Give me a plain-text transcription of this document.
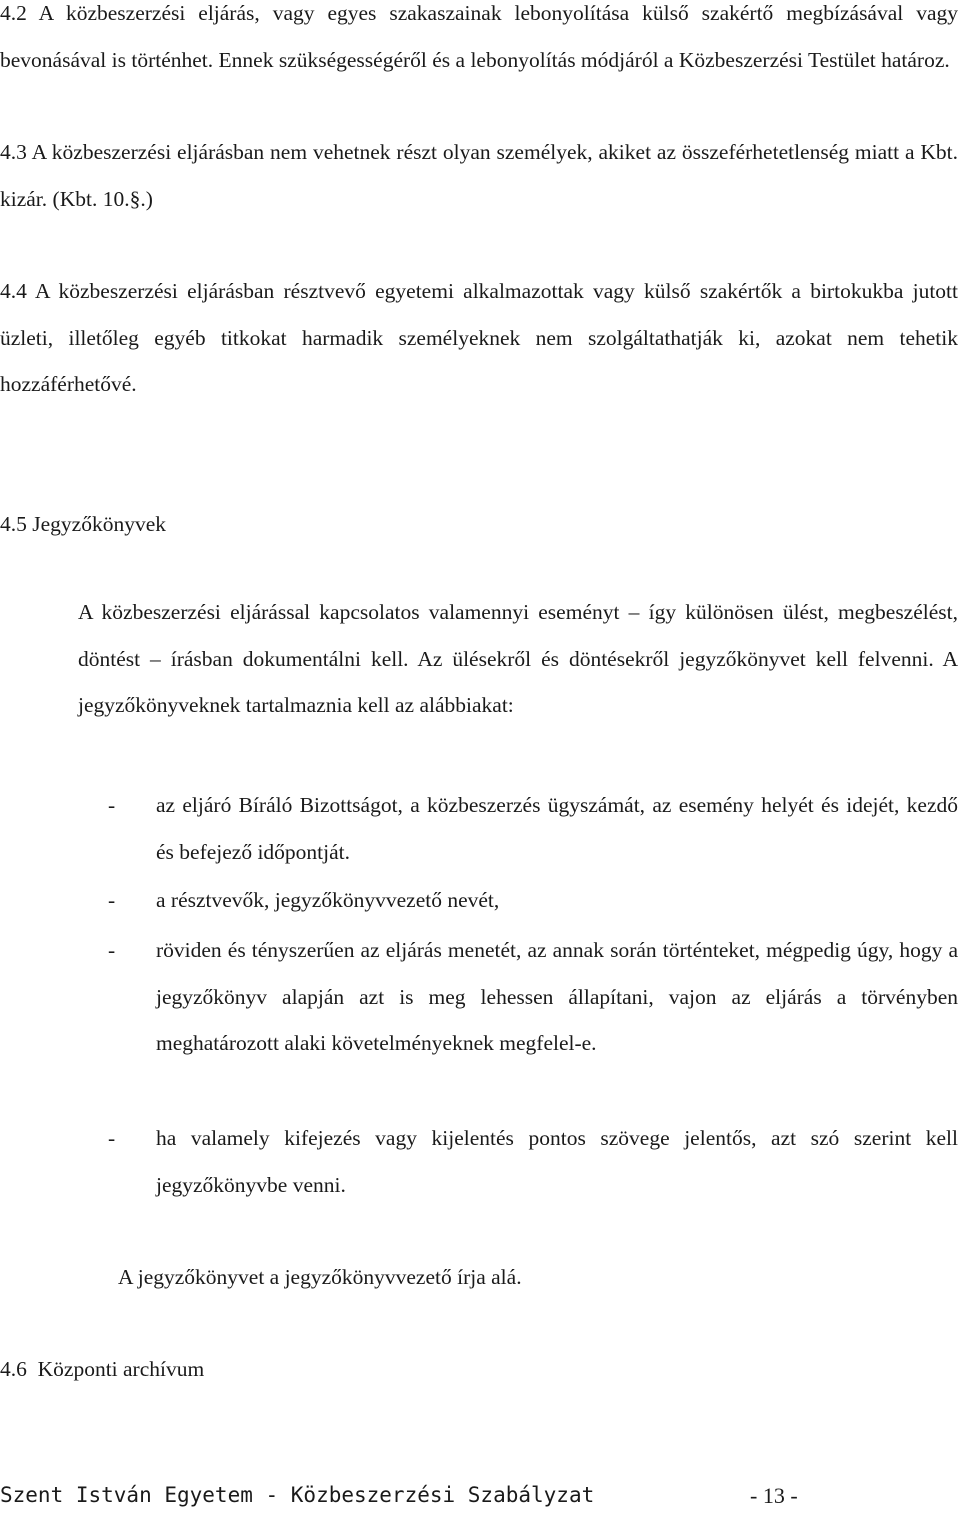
4.2 A közbeszerzési eljárás, vagy egyes szakaszainak lebonyolítása külső szakértő megbízásával vagy bevonásával is történhet. Ennek szükségességéről és a lebonyolítás módjáról a Közbeszerzési Testület határoz.

4.3 A közbeszerzési eljárásban nem vehetnek részt olyan személyek, akiket az összeférhetetlenség miatt a Kbt. kizár. (Kbt. 10.§.)

4.4 A közbeszerzési eljárásban résztvevő egyetemi alkalmazottak vagy külső szakértők a birtokukba jutott üzleti, illetőleg egyéb titkokat harmadik személyeknek nem szolgáltathatják ki, azokat nem tehetik hozzáférhetővé.

4.5 Jegyzőkönyvek

A közbeszerzési eljárással kapcsolatos valamennyi eseményt – így különösen ülést, megbeszélést, döntést – írásban dokumentálni kell. Az ülésekről és döntésekről jegyzőkönyvet kell felvenni. A jegyzőkönyveknek tartalmaznia kell az alábbiakat:

-	az eljáró Bíráló Bizottságot, a közbeszerzés ügyszámát, az esemény helyét és idejét, kezdő és befejező időpontját.

-	a résztvevők, jegyzőkönyvvezető nevét,

-	röviden és tényszerűen az eljárás menetét, az annak során történteket, mégpedig úgy, hogy a jegyzőkönyv alapján azt is meg lehessen állapítani, vajon az eljárás a törvényben meghatározott alaki követelményeknek megfelel-e.

-	ha valamely kifejezés vagy kijelentés pontos szövege jelentős, azt szó szerint kell jegyzőkönyvbe venni.

A jegyzőkönyvet a jegyzőkönyvvezető írja alá.

4.6  Központi archívum

Szent István Egyetem - Közbeszerzési Szabályzat	- 13 -
